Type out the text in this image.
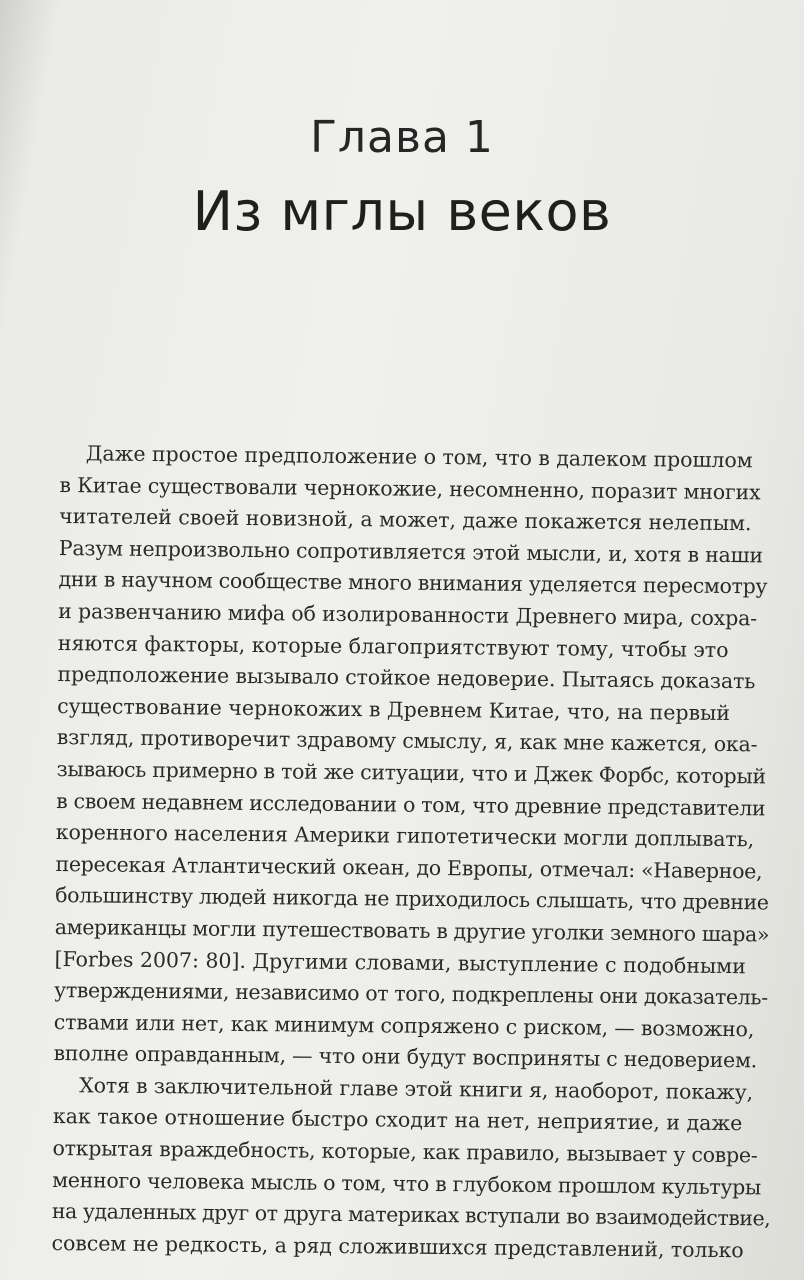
Глава 1
Из мглы веков
Даже простое предположение о том, что в далеком прошлом
в Китае существовали чернокожие, несомненно, поразит многих
читателей своей новизной, а может, даже покажется нелепым.
Разум непроизвольно сопротивляется этой мысли, и, хотя в наши
дни в научном сообществе много внимания уделяется пересмотру
и развенчанию мифа об изолированности Древнего мира, сохра-
няются факторы, которые благоприятствуют тому, чтобы это
предположение вызывало стойкое недоверие. Пытаясь доказать
существование чернокожих в Древнем Китае, что, на первый
взгляд, противоречит здравому смыслу, я, как мне кажется, ока-
зываюсь примерно в той же ситуации, что и Джек Форбс, который
в своем недавнем исследовании о том, что древние представители
коренного населения Америки гипотетически могли доплывать,
пересекая Атлантический океан, до Европы, отмечал: «Наверное,
большинству людей никогда не приходилось слышать, что древние
американцы могли путешествовать в другие уголки земного шара»
[Forbes 2007: 80]. Другими словами, выступление с подобными
утверждениями, независимо от того, подкреплены они доказатель-
ствами или нет, как минимум сопряжено с риском, — возможно,
вполне оправданным, — что они будут восприняты с недоверием.
Хотя в заключительной главе этой книги я, наоборот, покажу,
как такое отношение быстро сходит на нет, неприятие, и даже
открытая враждебность, которые, как правило, вызывает у совре-
менного человека мысль о том, что в глубоком прошлом культуры
на удаленных друг от друга материках вступали во взаимодействие,
совсем не редкость, а ряд сложившихся представлений, только
